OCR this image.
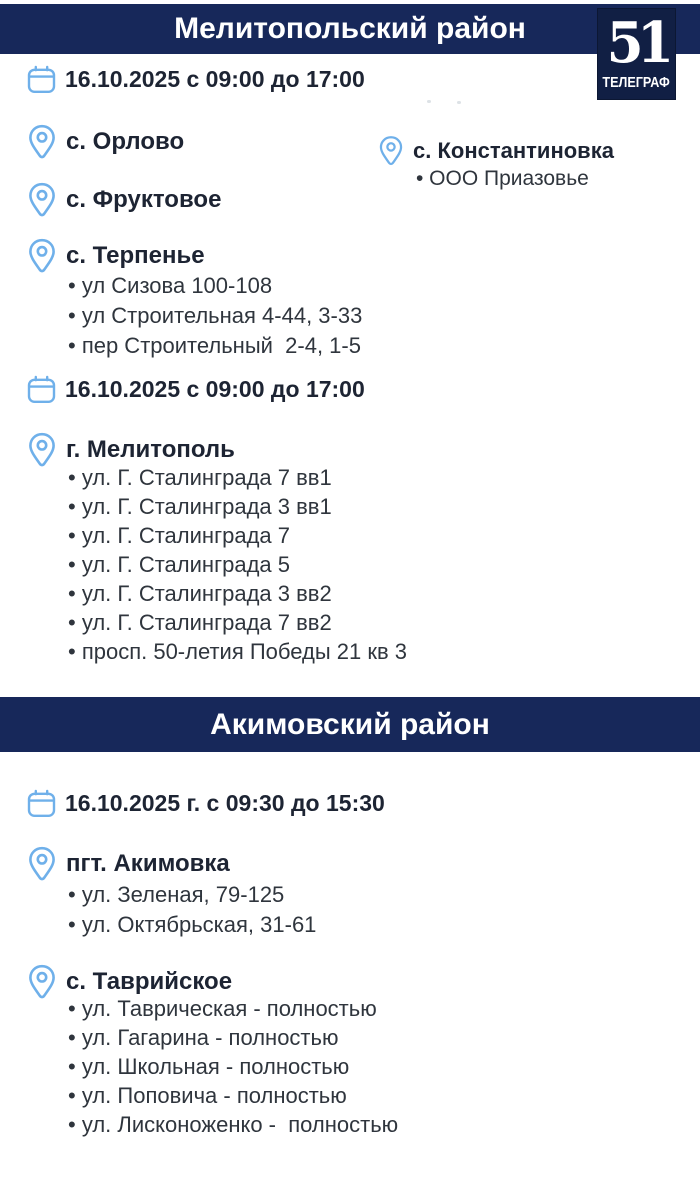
Мелитопольский район	51
ТЕЛЕГРАФ
16.10.2025 с 09:00 до 17:00
с. Орлово	с. Константиновка
• ООО Приазовье
с. Фруктовое
с. Терпенье
• ул Сизова 100-108
• ул Строительная 4-44, 3-33
• пер Строительный  2-4, 1-5
16.10.2025 с 09:00 до 17:00
г. Мелитополь
• ул. Г. Сталинграда 7 вв1
• ул. Г. Сталинграда 3 вв1
• ул. Г. Сталинграда 7
• ул. Г. Сталинграда 5
• ул. Г. Сталинграда 3 вв2
• ул. Г. Сталинграда 7 вв2
• просп. 50-летия Победы 21 кв 3
Акимовский район
16.10.2025 г. с 09:30 до 15:30
пгт. Акимовка
• ул. Зеленая, 79-125
• ул. Октябрьская, 31-61
с. Таврийское
• ул. Таврическая - полностью
• ул. Гагарина - полностью
• ул. Школьная - полностью
• ул. Поповича - полностью
• ул. Лисконоженко -  полностью
